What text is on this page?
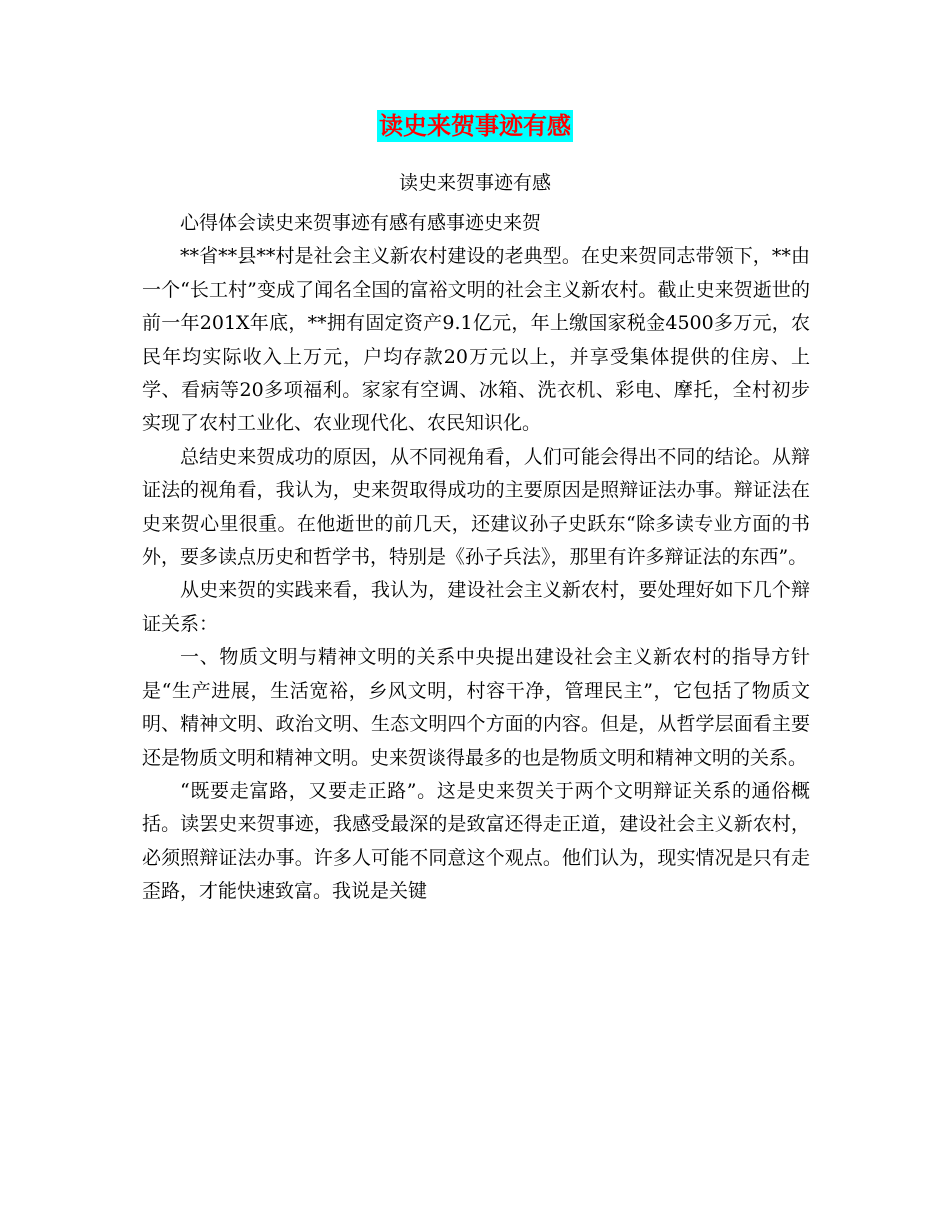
读史来贺事迹有感
读史来贺事迹有感

心得体会读史来贺事迹有感有感事迹史来贺

**省**县**村是社会主义新农村建设的老典型。在史来贺同志带领下，**由一个“长工村”变成了闻名全国的富裕文明的社会主义新农村。截止史来贺逝世的前一年201X年底，**拥有固定资产9.1亿元，年上缴国家税金4500多万元，农民年均实际收入上万元，户均存款20万元以上，并享受集体提供的住房、上学、看病等20多项福利。家家有空调、冰箱、洗衣机、彩电、摩托，全村初步实现了农村工业化、农业现代化、农民知识化。

总结史来贺成功的原因，从不同视角看，人们可能会得出不同的结论。从辩证法的视角看，我认为，史来贺取得成功的主要原因是照辩证法办事。辩证法在史来贺心里很重。在他逝世的前几天，还建议孙子史跃东“除多读专业方面的书外，要多读点历史和哲学书，特别是《孙子兵法》，那里有许多辩证法的东西”。

从史来贺的实践来看，我认为，建设社会主义新农村，要处理好如下几个辩证关系：

一、物质文明与精神文明的关系中央提出建设社会主义新农村的指导方针是“生产进展，生活宽裕，乡风文明，村容干净，管理民主”，它包括了物质文明、精神文明、政治文明、生态文明四个方面的内容。但是，从哲学层面看主要还是物质文明和精神文明。史来贺谈得最多的也是物质文明和精神文明的关系。

“既要走富路，又要走正路”。这是史来贺关于两个文明辩证关系的通俗概括。读罢史来贺事迹，我感受最深的是致富还得走正道，建设社会主义新农村，必须照辩证法办事。许多人可能不同意这个观点。他们认为，现实情况是只有走歪路，才能快速致富。我说是关键
